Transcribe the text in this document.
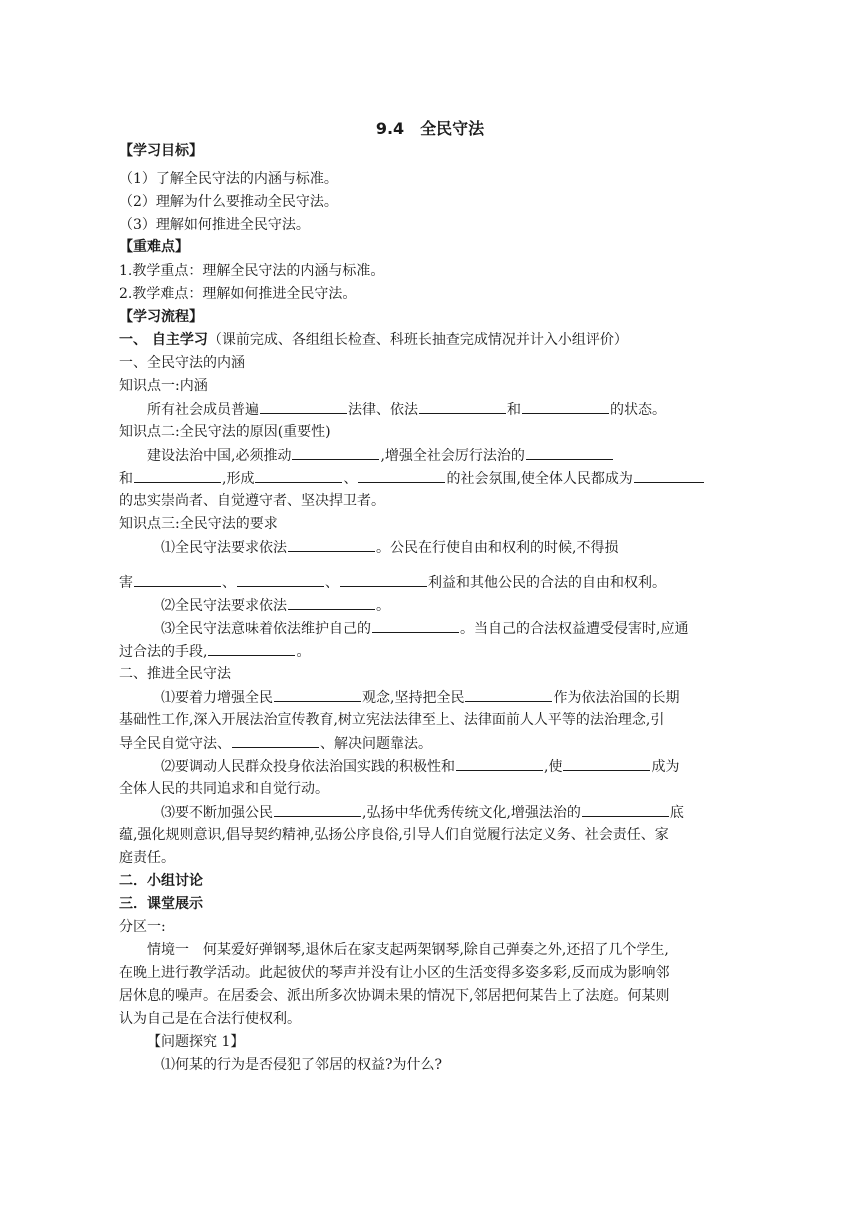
9.4　全民守法
【学习目标】
（1）了解全民守法的内涵与标准。
（2）理解为什么要推动全民守法。
（3）理解如何推进全民守法。
【重难点】
1.教学重点：理解全民守法的内涵与标准。
2.教学难点：理解如何推进全民守法。
【学习流程】
一、 自主学习（课前完成、各组组长检查、科班长抽查完成情况并计入小组评价）
一、全民守法的内涵
知识点一:内涵
所有社会成员普遍	法律、依法	和	的状态。
知识点二:全民守法的原因(重要性)
建设法治中国,必须推动	,增强全社会厉行法治的
和	,形成	、	的社会氛围,使全体人民都成为
的忠实崇尚者、自觉遵守者、坚决捍卫者。
知识点三:全民守法的要求
⑴全民守法要求依法	。公民在行使自由和权利的时候,不得损
害	、	、	利益和其他公民的合法的自由和权利。
⑵全民守法要求依法	。
⑶全民守法意味着依法维护自己的	。当自己的合法权益遭受侵害时,应通
过合法的手段,	。
二、推进全民守法
⑴要着力增强全民	观念,坚持把全民	作为依法治国的长期
基础性工作,深入开展法治宣传教育,树立宪法法律至上、法律面前人人平等的法治理念,引
导全民自觉守法、	、解决问题靠法。
⑵要调动人民群众投身依法治国实践的积极性和	,使	成为
全体人民的共同追求和自觉行动。
⑶要不断加强公民	,弘扬中华优秀传统文化,增强法治的	底
蕴,强化规则意识,倡导契约精神,弘扬公序良俗,引导人们自觉履行法定义务、社会责任、家
庭责任。
二．小组讨论
三．课堂展示
分区一:
情境一　何某爱好弹钢琴,退休后在家支起两架钢琴,除自己弹奏之外,还招了几个学生,
在晚上进行教学活动。此起彼伏的琴声并没有让小区的生活变得多姿多彩,反而成为影响邻
居休息的噪声。在居委会、派出所多次协调未果的情况下,邻居把何某告上了法庭。何某则
认为自己是在合法行使权利。
【问题探究 1】
⑴何某的行为是否侵犯了邻居的权益?为什么?
